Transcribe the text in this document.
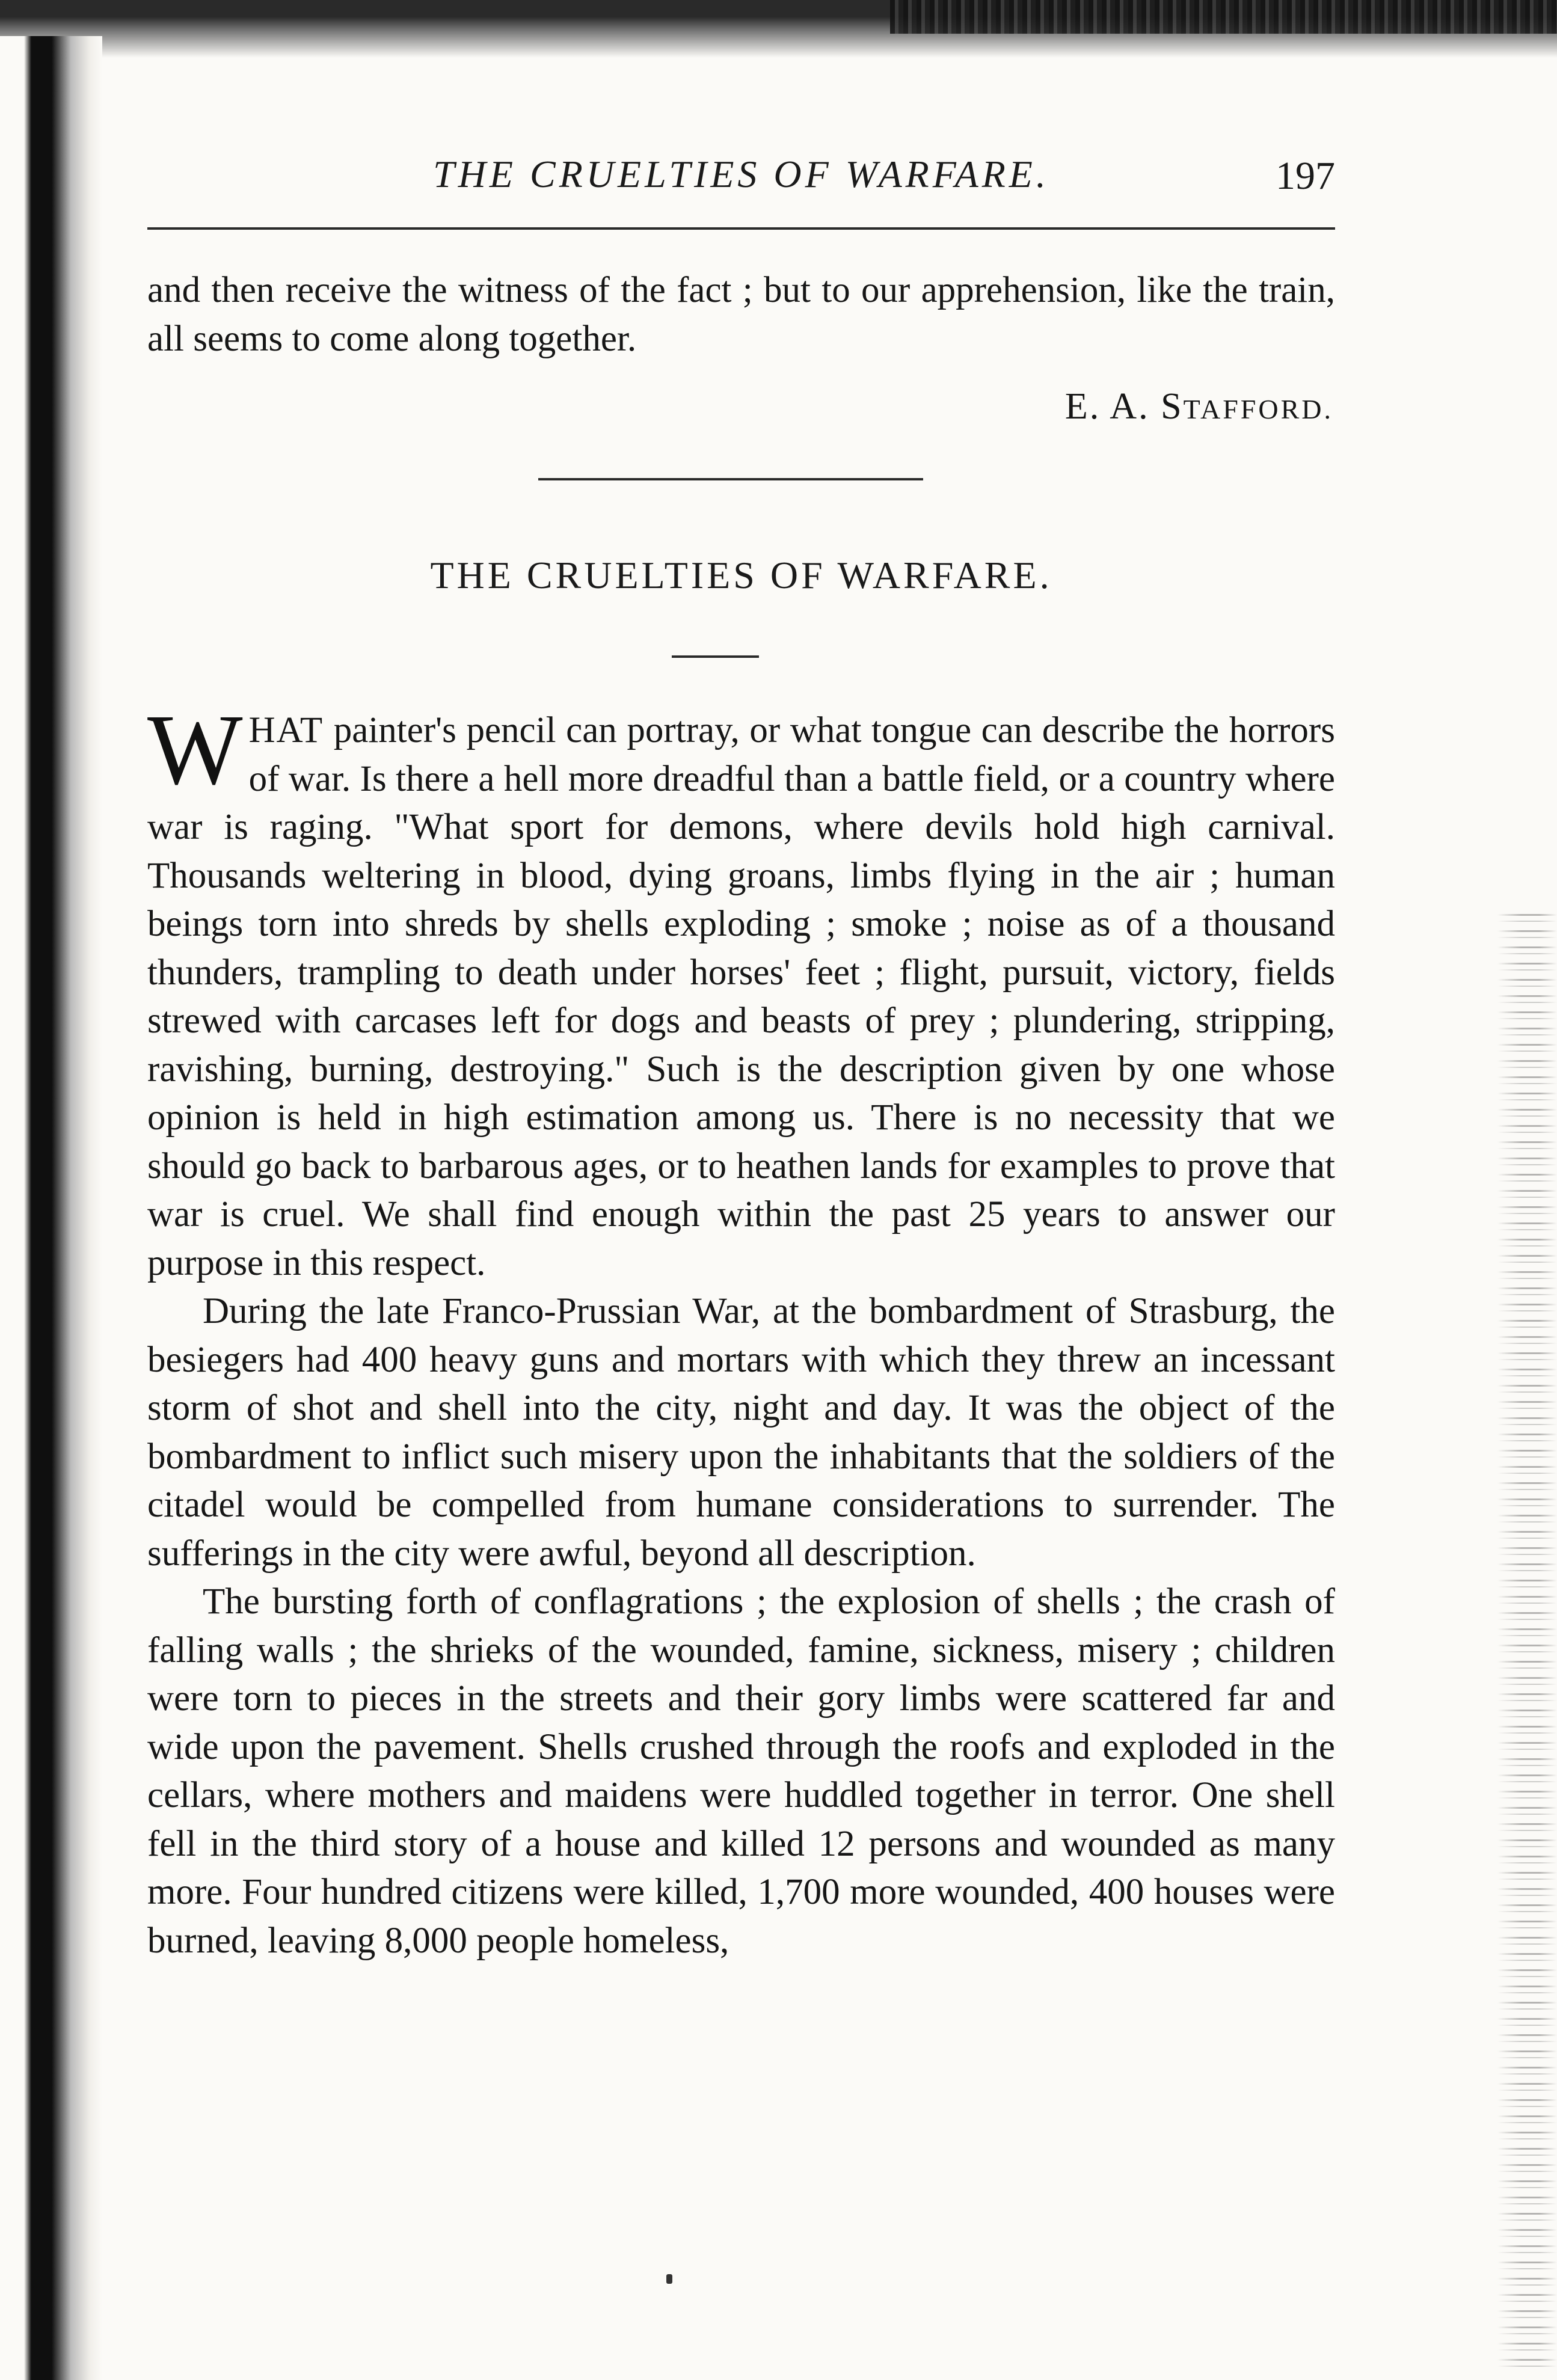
THE CRUELTIES OF WARFARE.	197

and then receive the witness of the fact ; but to our apprehension, like the train, all seems to come along together.

E. A. STAFFORD.
THE CRUELTIES OF WARFARE.

WHAT painter's pencil can portray, or what tongue can describe the horrors of war. Is there a hell more dreadful than a battle field, or a country where war is raging. "What sport for demons, where devils hold high carnival. Thousands weltering in blood, dying groans, limbs flying in the air ; human beings torn into shreds by shells exploding ; smoke ; noise as of a thousand thunders, trampling to death under horses' feet ; flight, pursuit, victory, fields strewed with carcases left for dogs and beasts of prey ; plundering, stripping, ravishing, burning, destroying." Such is the description given by one whose opinion is held in high estimation among us. There is no necessity that we should go back to barbarous ages, or to heathen lands for examples to prove that war is cruel. We shall find enough within the past 25 years to answer our purpose in this respect.

During the late Franco-Prussian War, at the bombardment of Strasburg, the besiegers had 400 heavy guns and mortars with which they threw an incessant storm of shot and shell into the city, night and day. It was the object of the bombardment to inflict such misery upon the inhabitants that the soldiers of the citadel would be compelled from humane considerations to surrender. The sufferings in the city were awful, beyond all description.

The bursting forth of conflagrations ; the explosion of shells ; the crash of falling walls ; the shrieks of the wounded, famine, sickness, misery ; children were torn to pieces in the streets and their gory limbs were scattered far and wide upon the pavement. Shells crushed through the roofs and exploded in the cellars, where mothers and maidens were huddled together in terror. One shell fell in the third story of a house and killed 12 persons and wounded as many more. Four hundred citizens were killed, 1,700 more wounded, 400 houses were burned, leaving 8,000 people homeless,
